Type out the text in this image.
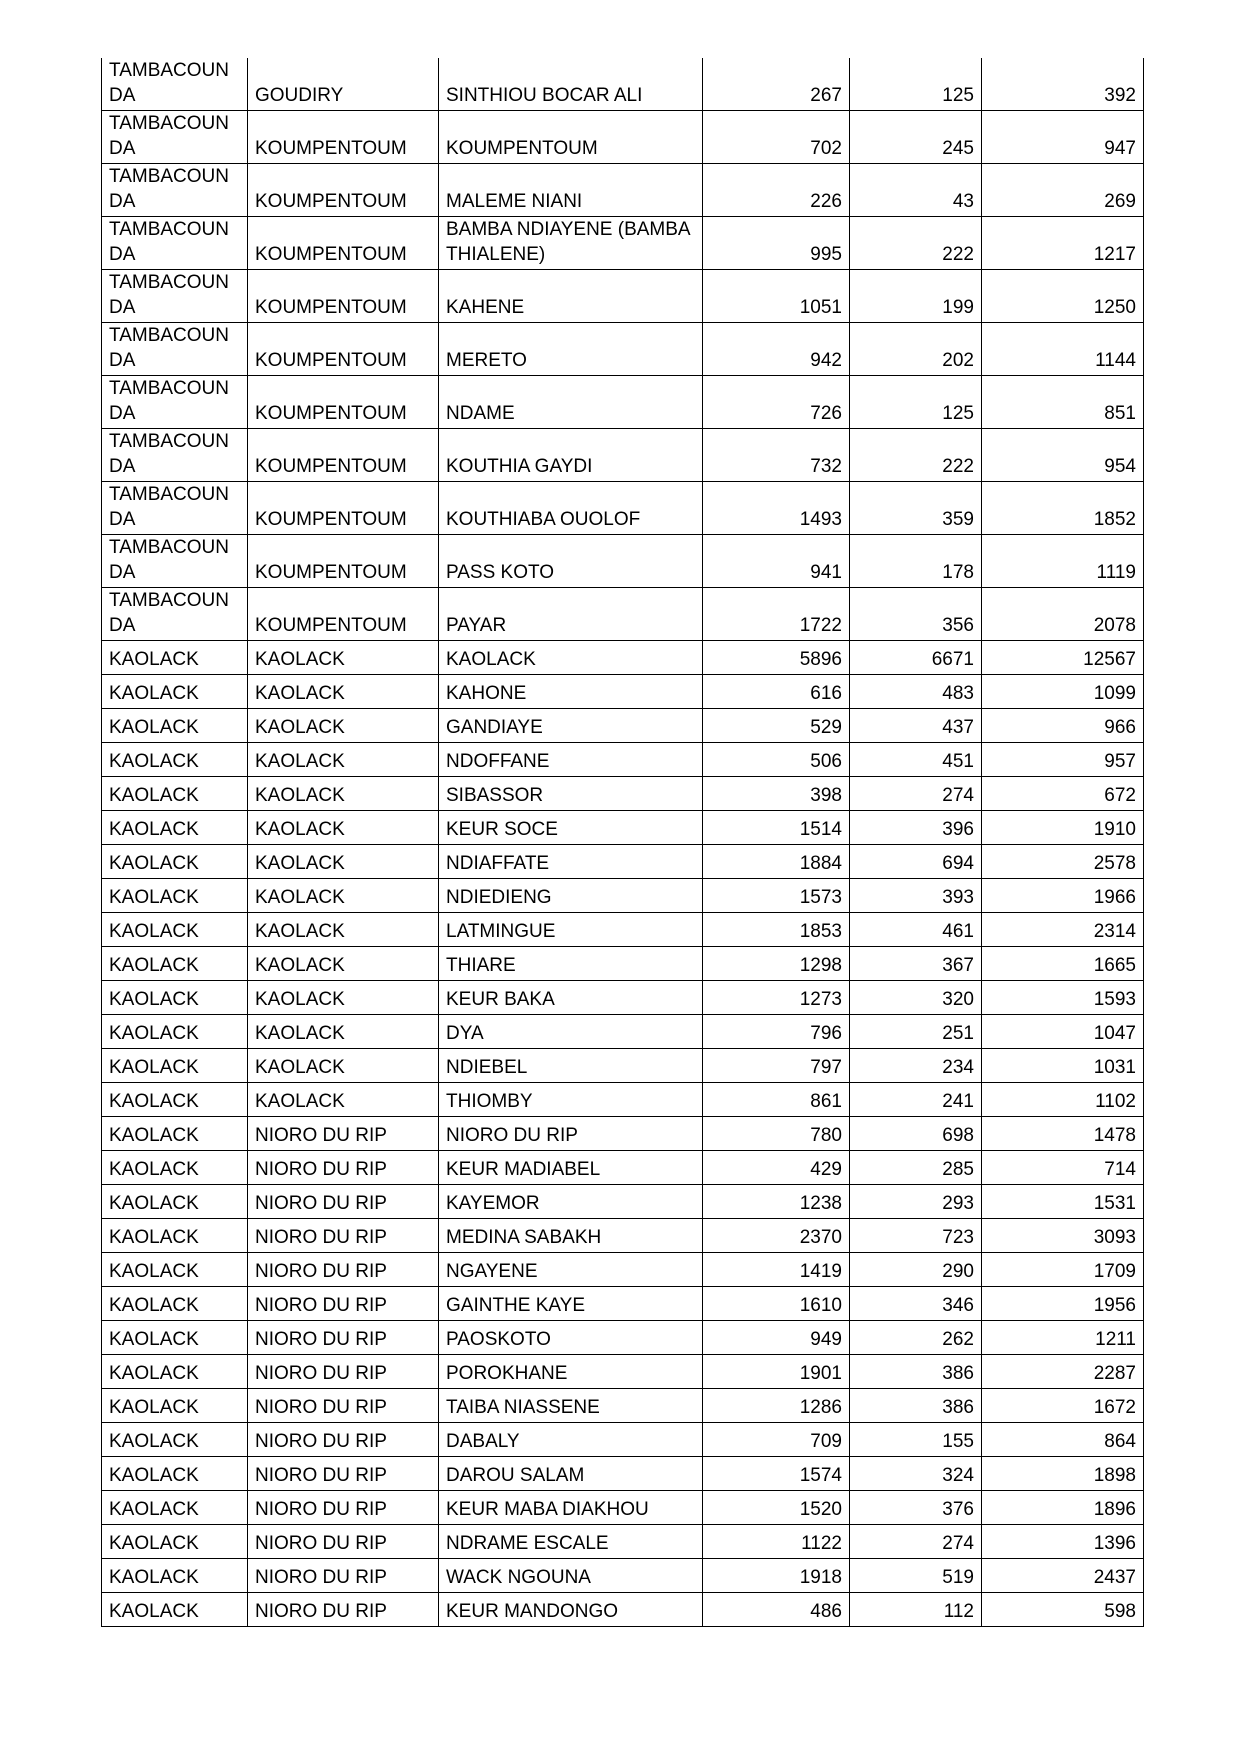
TAMBACOUNDA	GOUDIRY	SINTHIOU BOCAR ALI	267	125	392
TAMBACOUNDA	KOUMPENTOUM	KOUMPENTOUM	702	245	947
TAMBACOUNDA	KOUMPENTOUM	MALEME NIANI	226	43	269
TAMBACOUNDA	KOUMPENTOUM	BAMBA NDIAYENE (BAMBA THIALENE)	995	222	1217
TAMBACOUNDA	KOUMPENTOUM	KAHENE	1051	199	1250
TAMBACOUNDA	KOUMPENTOUM	MERETO	942	202	1144
TAMBACOUNDA	KOUMPENTOUM	NDAME	726	125	851
TAMBACOUNDA	KOUMPENTOUM	KOUTHIA GAYDI	732	222	954
TAMBACOUNDA	KOUMPENTOUM	KOUTHIABA OUOLOF	1493	359	1852
TAMBACOUNDA	KOUMPENTOUM	PASS KOTO	941	178	1119
TAMBACOUNDA	KOUMPENTOUM	PAYAR	1722	356	2078
KAOLACK	KAOLACK	KAOLACK	5896	6671	12567
KAOLACK	KAOLACK	KAHONE	616	483	1099
KAOLACK	KAOLACK	GANDIAYE	529	437	966
KAOLACK	KAOLACK	NDOFFANE	506	451	957
KAOLACK	KAOLACK	SIBASSOR	398	274	672
KAOLACK	KAOLACK	KEUR SOCE	1514	396	1910
KAOLACK	KAOLACK	NDIAFFATE	1884	694	2578
KAOLACK	KAOLACK	NDIEDIENG	1573	393	1966
KAOLACK	KAOLACK	LATMINGUE	1853	461	2314
KAOLACK	KAOLACK	THIARE	1298	367	1665
KAOLACK	KAOLACK	KEUR BAKA	1273	320	1593
KAOLACK	KAOLACK	DYA	796	251	1047
KAOLACK	KAOLACK	NDIEBEL	797	234	1031
KAOLACK	KAOLACK	THIOMBY	861	241	1102
KAOLACK	NIORO DU RIP	NIORO DU RIP	780	698	1478
KAOLACK	NIORO DU RIP	KEUR MADIABEL	429	285	714
KAOLACK	NIORO DU RIP	KAYEMOR	1238	293	1531
KAOLACK	NIORO DU RIP	MEDINA SABAKH	2370	723	3093
KAOLACK	NIORO DU RIP	NGAYENE	1419	290	1709
KAOLACK	NIORO DU RIP	GAINTHE KAYE	1610	346	1956
KAOLACK	NIORO DU RIP	PAOSKOTO	949	262	1211
KAOLACK	NIORO DU RIP	POROKHANE	1901	386	2287
KAOLACK	NIORO DU RIP	TAIBA NIASSENE	1286	386	1672
KAOLACK	NIORO DU RIP	DABALY	709	155	864
KAOLACK	NIORO DU RIP	DAROU SALAM	1574	324	1898
KAOLACK	NIORO DU RIP	KEUR MABA DIAKHOU	1520	376	1896
KAOLACK	NIORO DU RIP	NDRAME ESCALE	1122	274	1396
KAOLACK	NIORO DU RIP	WACK NGOUNA	1918	519	2437
KAOLACK	NIORO DU RIP	KEUR MANDONGO	486	112	598
